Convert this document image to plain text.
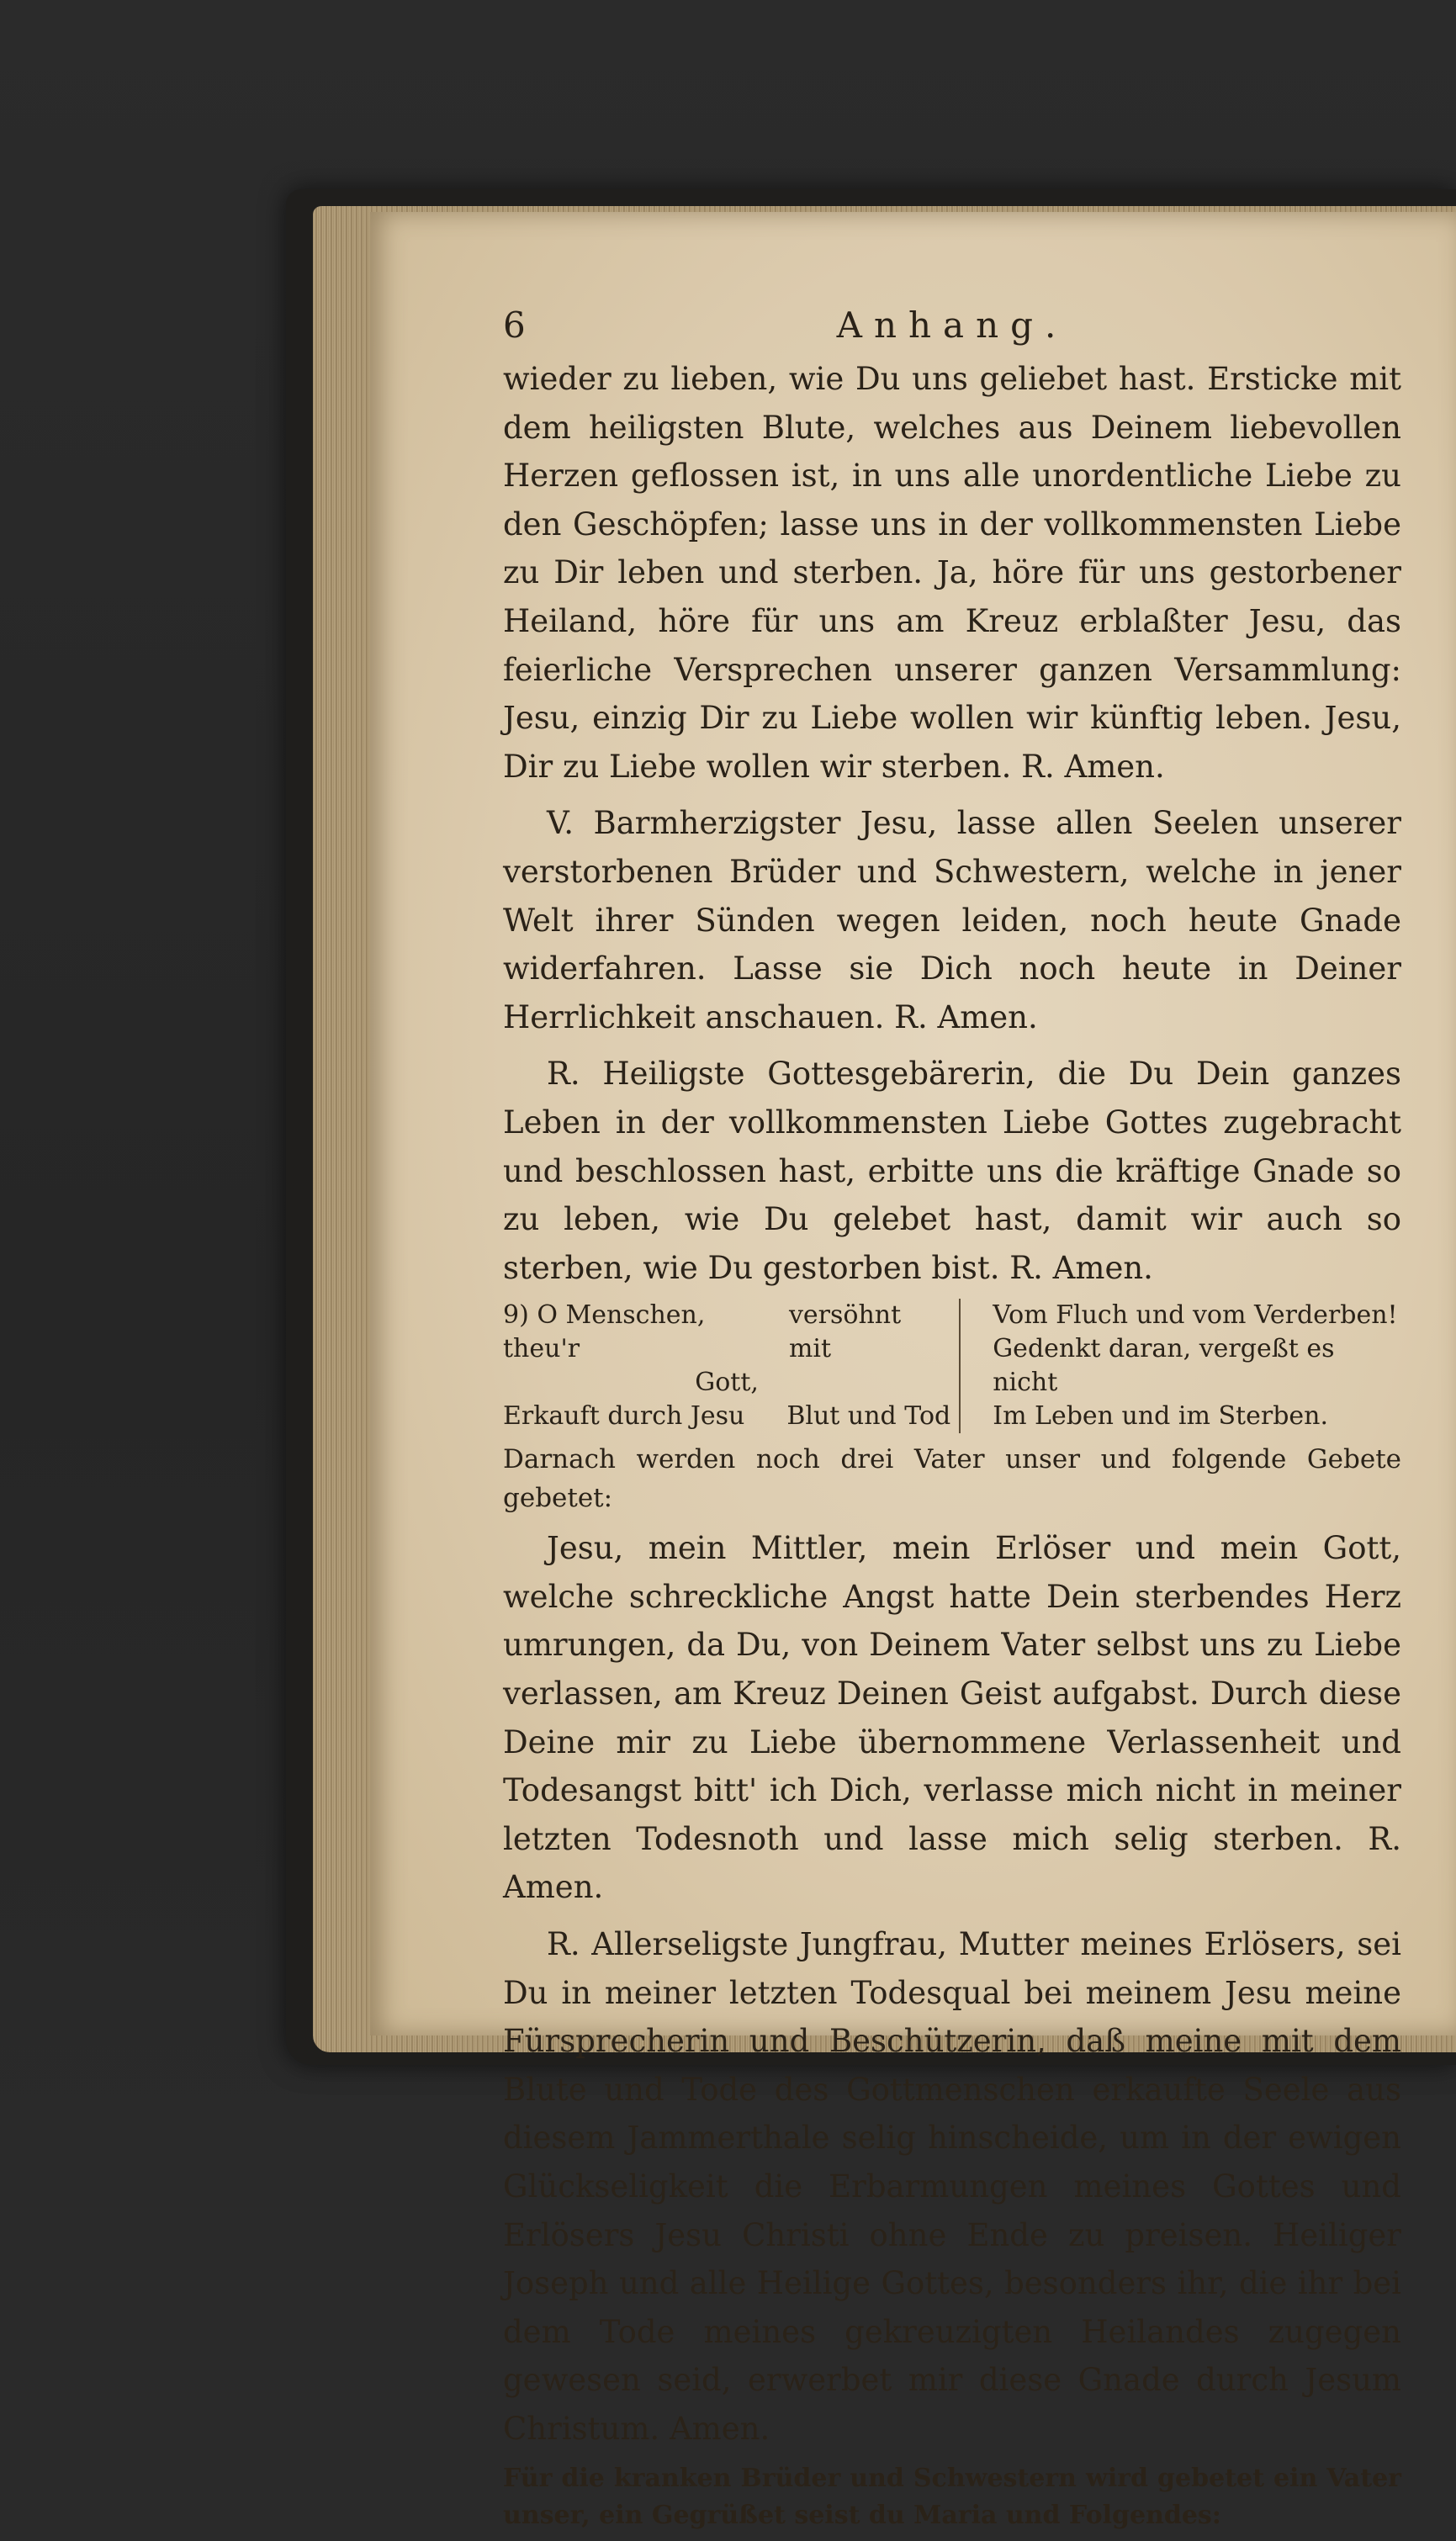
6	Anhang.

wieder zu lieben, wie Du uns geliebet hast. Ersticke mit dem heiligsten Blute, welches aus Deinem liebevollen Herzen geflossen ist, in uns alle unordentliche Liebe zu den Geschöpfen; lasse uns in der vollkommensten Liebe zu Dir leben und sterben. Ja, höre für uns gestorbener Heiland, höre für uns am Kreuz erblaßter Jesu, das feierliche Versprechen unserer ganzen Versammlung: Jesu, einzig Dir zu Liebe wollen wir künftig leben. Jesu, Dir zu Liebe wollen wir sterben. R. Amen.

V. Barmherzigster Jesu, lasse allen Seelen unserer verstorbenen Brüder und Schwestern, welche in jener Welt ihrer Sünden wegen leiden, noch heute Gnade widerfahren. Lasse sie Dich noch heute in Deiner Herrlichkeit anschauen. R. Amen.

R. Heiligste Gottesgebärerin, die Du Dein ganzes Leben in der vollkommensten Liebe Gottes zugebracht und beschlossen hast, erbitte uns die kräftige Gnade so zu leben, wie Du gelebet hast, damit wir auch so sterben, wie Du gestorben bist. R. Amen.

9) O Menschen, theu'r
versöhnt mit
Gott,
Erkauft durch Jesu Blut und Tod
Vom Fluch und vom Verderben!
Gedenkt daran, vergeßt es nicht
Im Leben und im Sterben.
Darnach werden noch drei Vater unser und folgende Gebete gebetet:

Jesu, mein Mittler, mein Erlöser und mein Gott, welche schreckliche Angst hatte Dein sterbendes Herz umrungen, da Du, von Deinem Vater selbst uns zu Liebe verlassen, am Kreuz Deinen Geist aufgabst. Durch diese Deine mir zu Liebe übernommene Verlassenheit und Todesangst bitt' ich Dich, verlasse mich nicht in meiner letzten Todesnoth und lasse mich selig sterben. R. Amen.

R. Allerseligste Jungfrau, Mutter meines Erlösers, sei Du in meiner letzten Todesqual bei meinem Jesu meine Fürsprecherin und Beschützerin, daß meine mit dem Blute und Tode des Gottmenschen erkaufte Seele aus diesem Jammerthale selig hinscheide, um in der ewigen Glückseligkeit die Erbarmungen meines Gottes und Erlösers Jesu Christi ohne Ende zu preisen. Heiliger Joseph und alle Heilige Gottes, besonders ihr, die ihr bei dem Tode meines gekreuzigten Heilandes zugegen gewesen seid, erwerbet mir diese Gnade durch Jesum Christum. Amen.

Für die kranken Brüder und Schwestern wird gebetet ein Vater unser, ein Gegrüßet seist du Maria und Folgendes:
